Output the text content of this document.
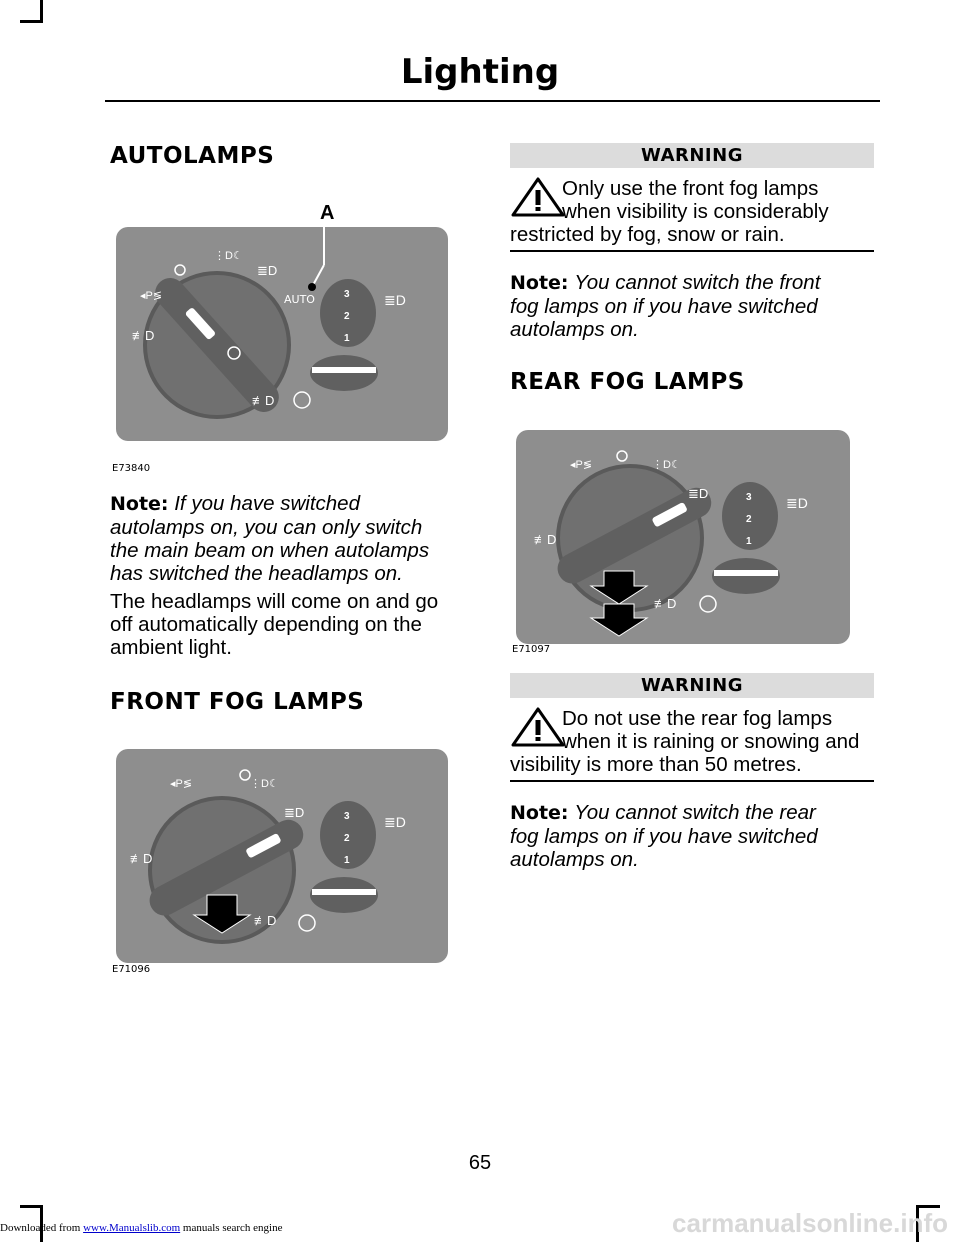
Lighting
AUTOLAMPS
A
AUTO
⋮D☾
≣D
◂P≶
≢D
≢D
3
2
1
≣D
E73840
Note: If you have switched
autolamps on, you can only switch
the main beam on when autolamps
has switched the headlamps on.
The headlamps will come on and go
off automatically depending on the
ambient light.
FRONT FOG LAMPS
⋮D☾
◂P≶
≣D
≢D
≢D
3
2
1
≣D
E71096
WARNING
Only use the front fog lamps
when visibility is considerably
restricted by fog, snow or rain.
Note: You cannot switch the front
fog lamps on if you have switched
autolamps on.
REAR FOG LAMPS
⋮D☾
◂P≶
≣D
≢D
≢D
3
2
1
≣D
E71097
WARNING
Do not use the rear fog lamps
when it is raining or snowing and
visibility is more than 50 metres.
Note: You cannot switch the rear
fog lamps on if you have switched
autolamps on.
65
Downloaded from www.Manualslib.com manuals search engine	carmanualsonline.info
